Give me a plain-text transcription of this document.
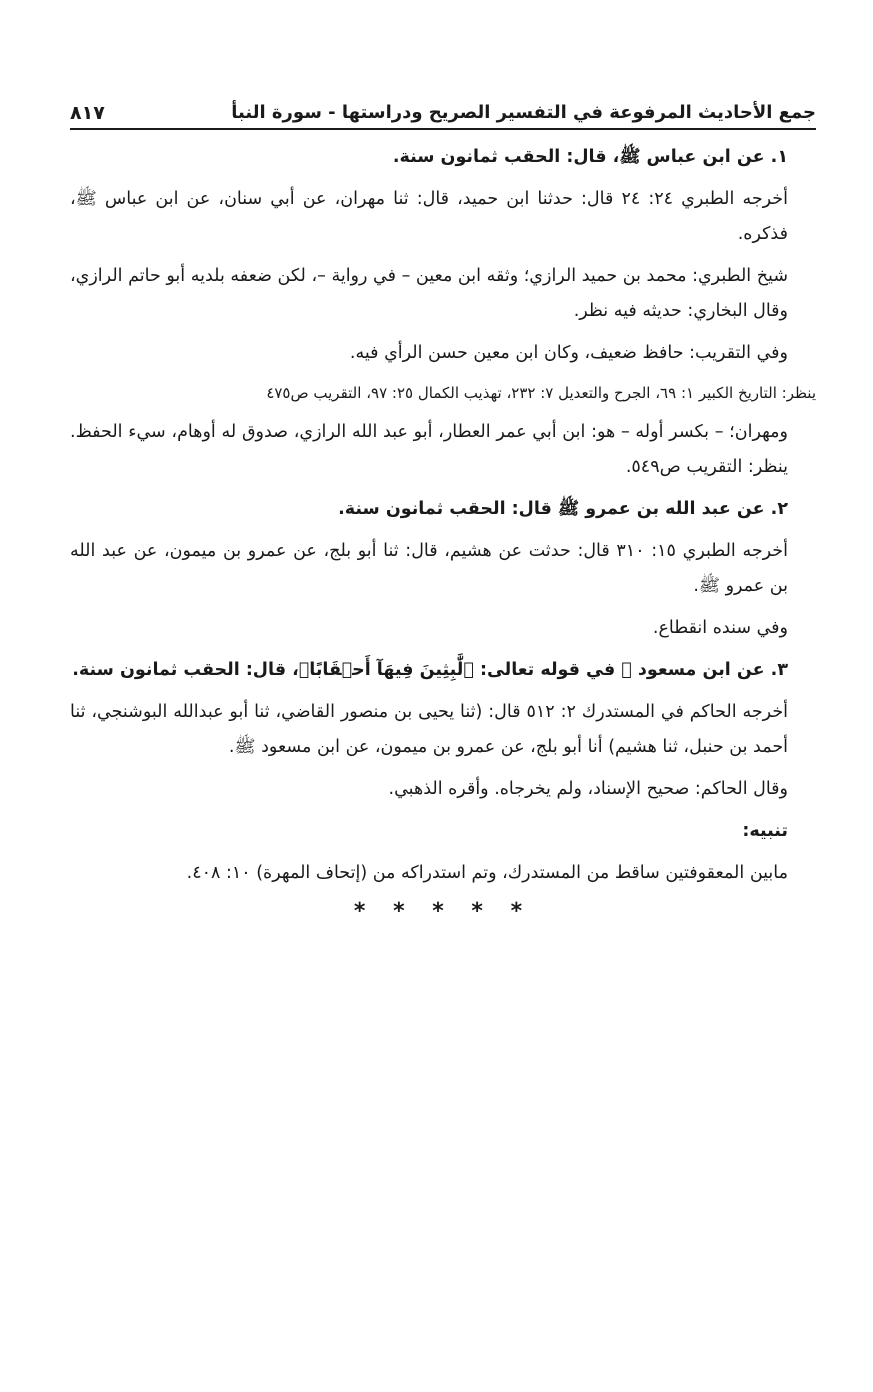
جمع الأحاديث المرفوعة في التفسير الصريح ودراستها - سورة النبأ
٨١٧

١. عن ابن عباس ﷺ، قال: الحقب ثمانون سنة.

أخرجه الطبري ٢٤: ٢٤ قال: حدثنا ابن حميد، قال: ثنا مهران، عن أبي سنان، عن ابن عباس ﷺ، فذكره.

شيخ الطبري: محمد بن حميد الرازي؛ وثقه ابن معين – في رواية –، لكن ضعفه بلديه أبو حاتم الرازي، وقال البخاري: حديثه فيه نظر.

وفي التقريب: حافظ ضعيف، وكان ابن معين حسن الرأي فيه.

ينظر: التاريخ الكبير ١: ٦٩، الجرح والتعديل ٧: ٢٣٢، تهذيب الكمال ٢٥: ٩٧، التقريب ص٤٧٥

ومهران؛ – بكسر أوله – هو: ابن أبي عمر العطار، أبو عبد الله الرازي، صدوق له أوهام، سيء الحفظ. ينظر: التقريب ص٥٤٩.

٢. عن عبد الله بن عمرو ﷺ قال: الحقب ثمانون سنة.

أخرجه الطبري ١٥: ٣١٠ قال: حدثت عن هشيم، قال: ثنا أبو بلج، عن عمرو بن ميمون، عن عبد الله بن عمرو ﷺ.

وفي سنده انقطاع.

٣. عن ابن مسعود ﷺ في قوله تعالى: ﴿لَّٰبِثِينَ فِيهَآ أَحۡقَابًا﴾، قال: الحقب ثمانون سنة.

أخرجه الحاكم في المستدرك ٢: ٥١٢ قال: (ثنا يحيى بن منصور القاضي، ثنا أبو عبدالله البوشنجي، ثنا أحمد بن حنبل، ثنا هشيم) أنا أبو بلج، عن عمرو بن ميمون، عن ابن مسعود ﷺ.

وقال الحاكم: صحيح الإسناد، ولم يخرجاه. وأقره الذهبي.

تنبيه:

مابين المعقوفتين ساقط من المستدرك، وتم استدراكه من (إتحاف المهرة) ١٠: ٤٠٨.

* * * * *
